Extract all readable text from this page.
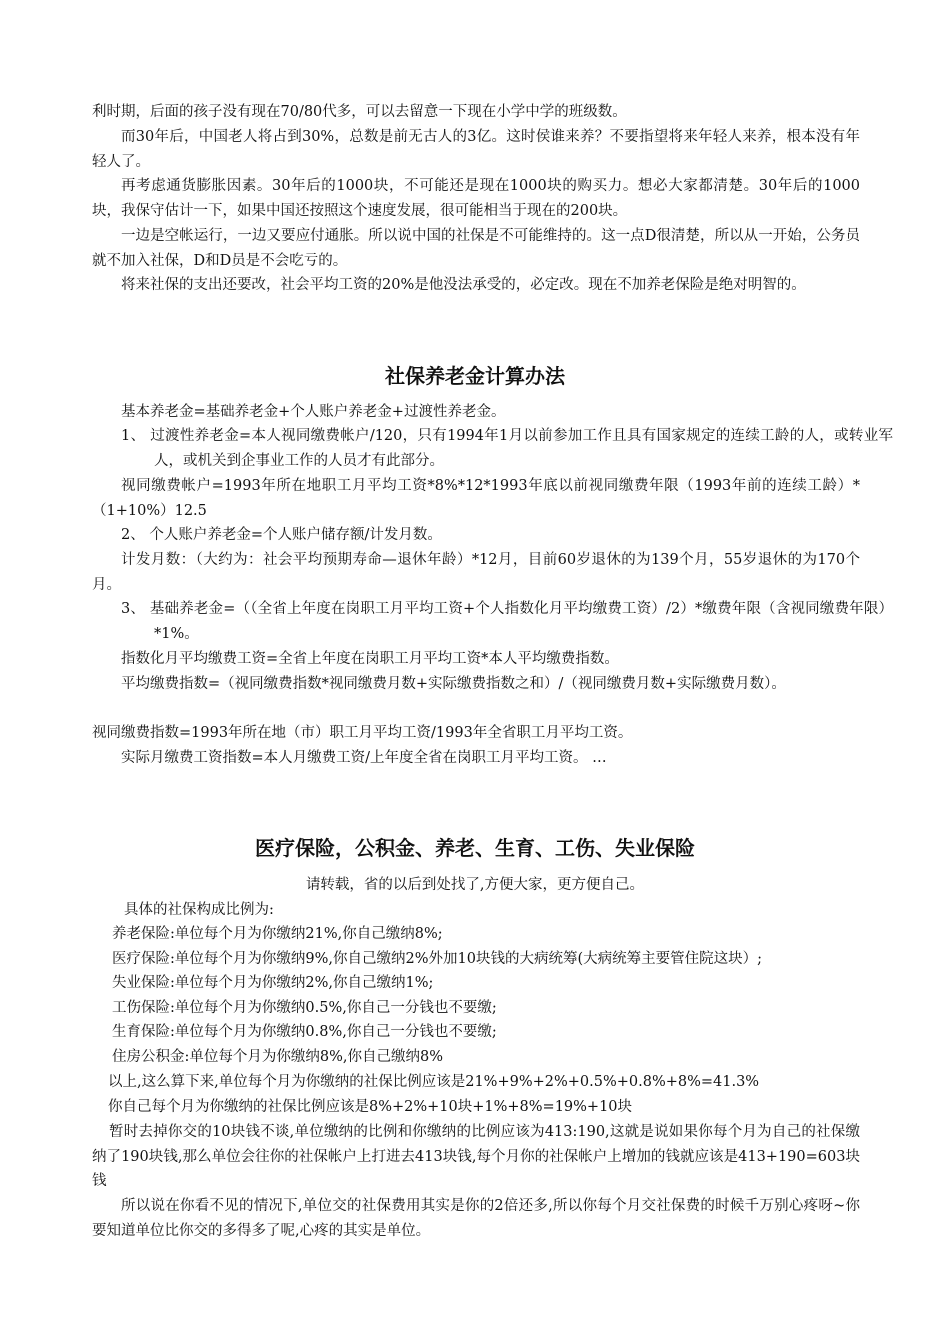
利时期，后面的孩子没有现在70/80代多，可以去留意一下现在小学中学的班级数。

而30年后，中国老人将占到30%，总数是前无古人的3亿。这时侯谁来养？不要指望将来年轻人来养，根本没有年轻人了。

再考虑通货膨胀因素。30年后的1000块，不可能还是现在1000块的购买力。想必大家都清楚。30年后的1000块，我保守估计一下，如果中国还按照这个速度发展，很可能相当于现在的200块。

一边是空帐运行，一边又要应付通胀。所以说中国的社保是不可能维持的。这一点D很清楚，所以从一开始，公务员就不加入社保，D和D员是不会吃亏的。

将来社保的支出还要改，社会平均工资的20%是他没法承受的，必定改。现在不加养老保险是绝对明智的。

社保养老金计算办法

基本养老金=基础养老金+个人账户养老金+过渡性养老金。

1、 过渡性养老金=本人视同缴费帐户/120，只有1994年1月以前参加工作且具有国家规定的连续工龄的人，或转业军人，或机关到企事业工作的人员才有此部分。

视同缴费帐户=1993年所在地职工月平均工资*8%*12*1993年底以前视同缴费年限（1993年前的连续工龄）*（1+10%）12.5

2、 个人账户养老金=个人账户储存额/计发月数。

计发月数：（大约为：社会平均预期寿命—退休年龄）*12月，目前60岁退休的为139个月，55岁退休的为170个月。

3、 基础养老金=（（全省上年度在岗职工月平均工资+个人指数化月平均缴费工资）/2）*缴费年限（含视同缴费年限）*1%。

指数化月平均缴费工资=全省上年度在岗职工月平均工资*本人平均缴费指数。

平均缴费指数=（视同缴费指数*视同缴费月数+实际缴费指数之和）/（视同缴费月数+实际缴费月数）。

视同缴费指数=1993年所在地（市）职工月平均工资/1993年全省职工月平均工资。

实际月缴费工资指数=本人月缴费工资/上年度全省在岗职工月平均工资。 …

医疗保险，公积金、养老、生育、工伤、失业保险

请转载，省的以后到处找了,方便大家，更方便自己。

具体的社保构成比例为:

养老保险:单位每个月为你缴纳21%,你自己缴纳8%;

医疗保险:单位每个月为你缴纳9%,你自己缴纳2%外加10块钱的大病统筹(大病统筹主要管住院这块）;

失业保险:单位每个月为你缴纳2%,你自己缴纳1%;

工伤保险:单位每个月为你缴纳0.5%,你自己一分钱也不要缴;

生育保险:单位每个月为你缴纳0.8%,你自己一分钱也不要缴;

住房公积金:单位每个月为你缴纳8%,你自己缴纳8%

以上,这么算下来,单位每个月为你缴纳的社保比例应该是21%+9%+2%+0.5%+0.8%+8%=41.3%

你自己每个月为你缴纳的社保比例应该是8%+2%+10块+1%+8%=19%+10块

暂时去掉你交的10块钱不谈,单位缴纳的比例和你缴纳的比例应该为413:190,这就是说如果你每个月为自己的社保缴纳了190块钱,那么单位会往你的社保帐户上打进去413块钱,每个月你的社保帐户上增加的钱就应该是413+190=603块钱

所以说在你看不见的情况下,单位交的社保费用其实是你的2倍还多,所以你每个月交社保费的时候千万别心疼呀~你要知道单位比你交的多得多了呢,心疼的其实是单位。
